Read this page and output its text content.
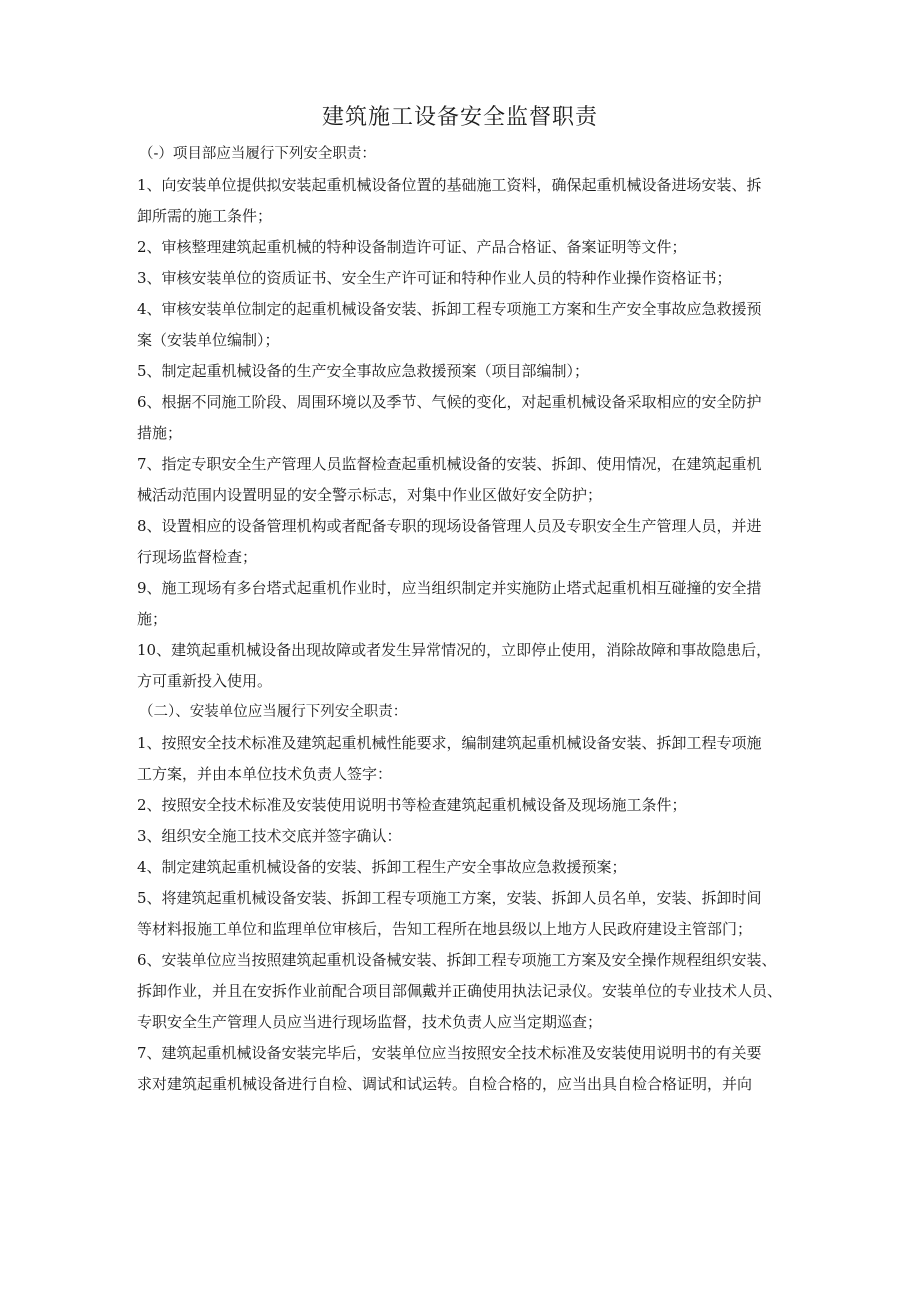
建筑施工设备安全监督职责

（-）项目部应当履行下列安全职责：

1、向安装单位提供拟安装起重机械设备位置的基础施工资料，确保起重机械设备进场安装、拆
卸所需的施工条件；

2、审核整理建筑起重机械的特种设备制造许可证、产品合格证、备案证明等文件；

3、审核安装单位的资质证书、安全生产许可证和特种作业人员的特种作业操作资格证书；

4、审核安装单位制定的起重机械设备安装、拆卸工程专项施工方案和生产安全事故应急救援预
案（安装单位编制）；

5、制定起重机械设备的生产安全事故应急救援预案（项目部编制）；

6、根据不同施工阶段、周围环境以及季节、气候的变化，对起重机械设备采取相应的安全防护
措施；

7、指定专职安全生产管理人员监督检查起重机械设备的安装、拆卸、使用情况，在建筑起重机
械活动范围内设置明显的安全警示标志，对集中作业区做好安全防护；

8、设置相应的设备管理机构或者配备专职的现场设备管理人员及专职安全生产管理人员，并进
行现场监督检查；

9、施工现场有多台塔式起重机作业时，应当组织制定并实施防止塔式起重机相互碰撞的安全措
施；

10、建筑起重机械设备出现故障或者发生异常情况的，立即停止使用，消除故障和事故隐患后，
方可重新投入使用。

（二）、安装单位应当履行下列安全职责：

1、按照安全技术标准及建筑起重机械性能要求，编制建筑起重机械设备安装、拆卸工程专项施
工方案，并由本单位技术负责人签字：

2、按照安全技术标准及安装使用说明书等检查建筑起重机械设备及现场施工条件；

3、组织安全施工技术交底并签字确认：

4、制定建筑起重机械设备的安装、拆卸工程生产安全事故应急救援预案；

5、将建筑起重机械设备安装、拆卸工程专项施工方案，安装、拆卸人员名单，安装、拆卸时间
等材料报施工单位和监理单位审核后，告知工程所在地县级以上地方人民政府建设主管部门；

6、安装单位应当按照建筑起重机设备械安装、拆卸工程专项施工方案及安全操作规程组织安装、
拆卸作业，并且在安拆作业前配合项目部佩戴并正确使用执法记录仪。安装单位的专业技术人员、
专职安全生产管理人员应当进行现场监督，技术负责人应当定期巡查；

7、建筑起重机械设备安装完毕后，安装单位应当按照安全技术标准及安装使用说明书的有关要
求对建筑起重机械设备进行自检、调试和试运转。自检合格的，应当出具自检合格证明，并向
